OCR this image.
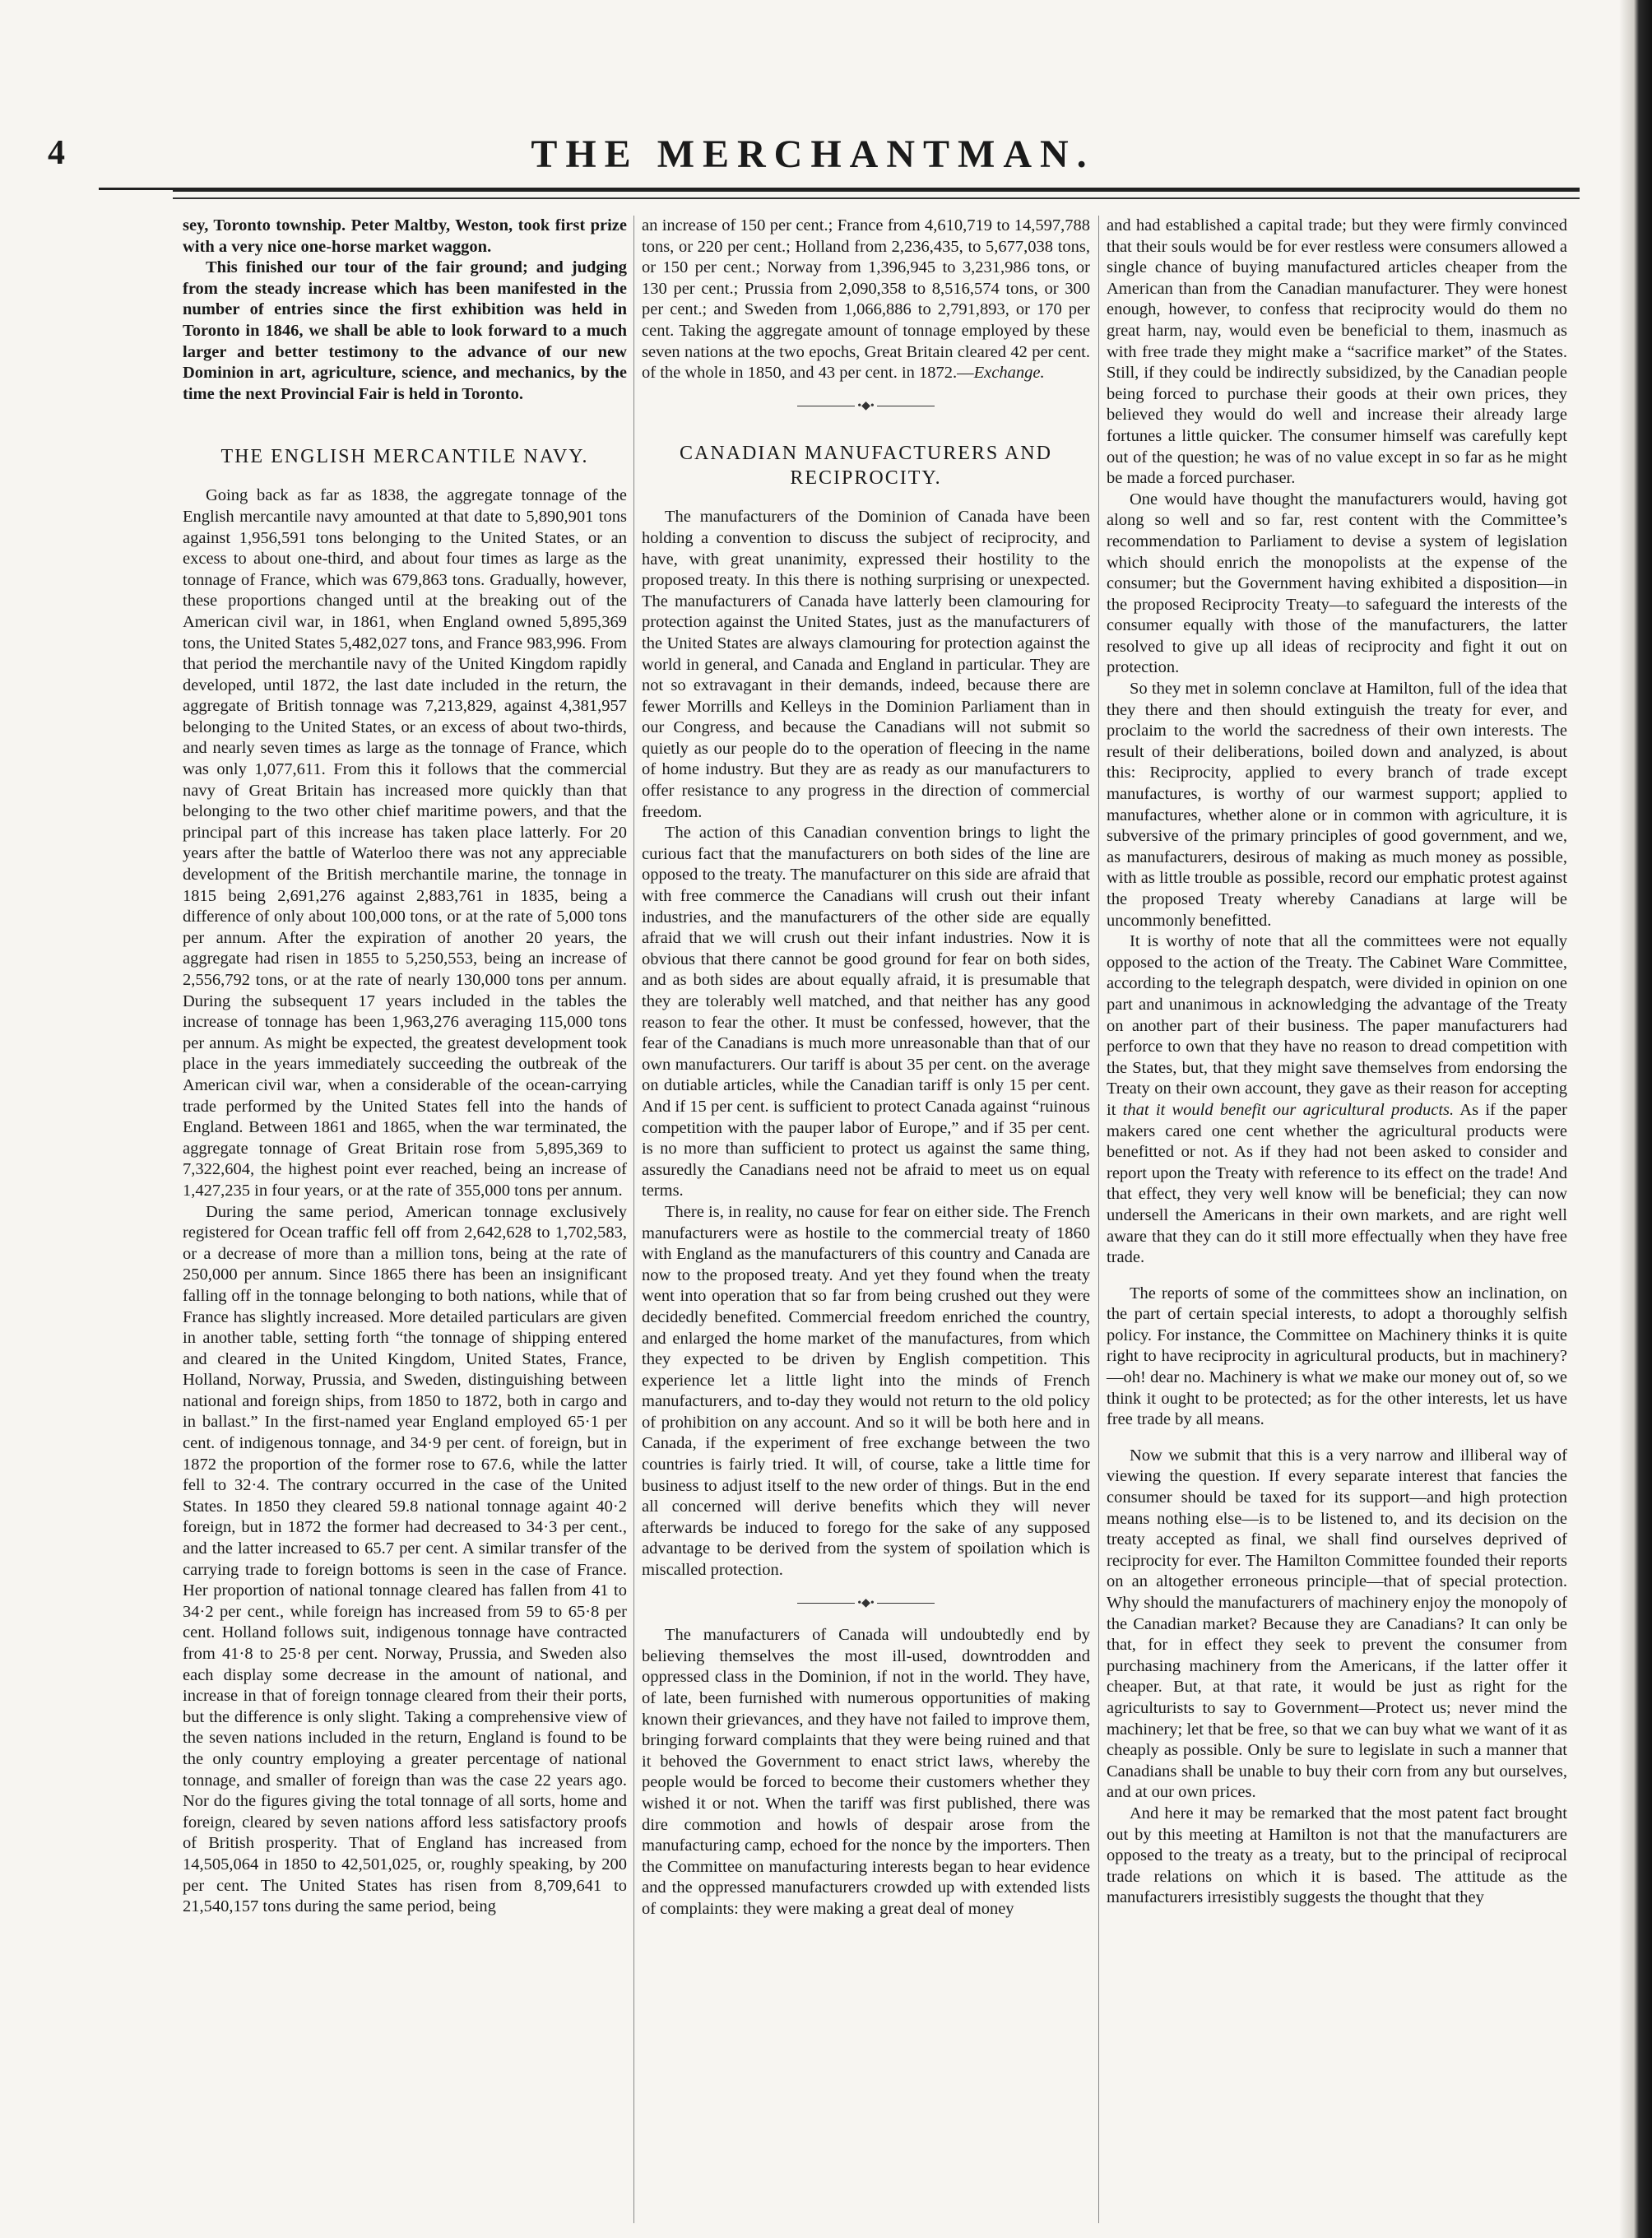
4	THE MERCHANTMAN.

sey, Toronto township. Peter Maltby, Weston, took first prize with a very nice one-horse market waggon.

This finished our tour of the fair ground; and judging from the steady increase which has been manifested in the number of entries since the first exhibition was held in Toronto in 1846, we shall be able to look forward to a much larger and better testimony to the advance of our new Dominion in art, agriculture, science, and mechanics, by the time the next Provincial Fair is held in Toronto.

THE ENGLISH MERCANTILE NAVY.

Going back as far as 1838, the aggregate tonnage of the English mercantile navy amounted at that date to 5,890,901 tons against 1,956,591 tons belonging to the United States, or an excess to about one-third, and about four times as large as the tonnage of France, which was 679,863 tons. Gradually, however, these proportions changed until at the breaking out of the American civil war, in 1861, when England owned 5,895,369 tons, the United States 5,482,027 tons, and France 983,996. From that period the merchantile navy of the United Kingdom rapidly developed, until 1872, the last date included in the return, the aggregate of British tonnage was 7,213,829, against 4,381,957 belonging to the United States, or an excess of about two-thirds, and nearly seven times as large as the tonnage of France, which was only 1,077,611. From this it follows that the commercial navy of Great Britain has increased more quickly than that belonging to the two other chief maritime powers, and that the principal part of this increase has taken place latterly. For 20 years after the battle of Waterloo there was not any appreciable development of the British merchantile marine, the tonnage in 1815 being 2,691,276 against 2,883,761 in 1835, being a difference of only about 100,000 tons, or at the rate of 5,000 tons per annum. After the expiration of another 20 years, the aggregate had risen in 1855 to 5,250,553, being an increase of 2,556,792 tons, or at the rate of nearly 130,000 tons per annum. During the subsequent 17 years included in the tables the increase of tonnage has been 1,963,276 averaging 115,000 tons per annum. As might be expected, the greatest development took place in the years immediately succeeding the outbreak of the American civil war, when a considerable of the ocean-carrying trade performed by the United States fell into the hands of England. Between 1861 and 1865, when the war terminated, the aggregate tonnage of Great Britain rose from 5,895,369 to 7,322,604, the highest point ever reached, being an increase of 1,427,235 in four years, or at the rate of 355,000 tons per annum.

During the same period, American tonnage exclusively registered for Ocean traffic fell off from 2,642,628 to 1,702,583, or a decrease of more than a million tons, being at the rate of 250,000 per annum. Since 1865 there has been an insignificant falling off in the tonnage belonging to both nations, while that of France has slightly increased. More detailed particulars are given in another table, setting forth “the tonnage of shipping entered and cleared in the United Kingdom, United States, France, Holland, Norway, Prussia, and Sweden, distinguishing between national and foreign ships, from 1850 to 1872, both in cargo and in ballast.” In the first-named year England employed 65·1 per cent. of indigenous tonnage, and 34·9 per cent. of foreign, but in 1872 the proportion of the former rose to 67.6, while the latter fell to 32·4. The contrary occurred in the case of the United States. In 1850 they cleared 59.8 national tonnage againt 40·2 foreign, but in 1872 the former had decreased to 34·3 per cent., and the latter increased to 65.7 per cent. A similar transfer of the carrying trade to foreign bottoms is seen in the case of France. Her proportion of national tonnage cleared has fallen from 41 to 34·2 per cent., while foreign has increased from 59 to 65·8 per cent. Holland follows suit, indigenous tonnage have contracted from 41·8 to 25·8 per cent. Norway, Prussia, and Sweden also each display some decrease in the amount of national, and increase in that of foreign tonnage cleared from their their ports, but the difference is only slight. Taking a comprehensive view of the seven nations included in the return, England is found to be the only country employing a greater percentage of national tonnage, and smaller of foreign than was the case 22 years ago. Nor do the figures giving the total tonnage of all sorts, home and foreign, cleared by seven nations afford less satisfactory proofs of British prosperity. That of England has increased from 14,505,064 in 1850 to 42,501,025, or, roughly speaking, by 200 per cent. The United States has risen from 8,709,641 to 21,540,157 tons during the same period, being

an increase of 150 per cent.; France from 4,610,719 to 14,597,788 tons, or 220 per cent.; Holland from 2,236,435, to 5,677,038 tons, or 150 per cent.; Norway from 1,396,945 to 3,231,986 tons, or 130 per cent.; Prussia from 2,090,358 to 8,516,574 tons, or 300 per cent.; and Sweden from 1,066,886 to 2,791,893, or 170 per cent. Taking the aggregate amount of tonnage employed by these seven nations at the two epochs, Great Britain cleared 42 per cent. of the whole in 1850, and 43 per cent. in 1872.—Exchange.

•◆•
CANADIAN MANUFACTURERS AND RECIPROCITY.

The manufacturers of the Dominion of Canada have been holding a convention to discuss the subject of reciprocity, and have, with great unanimity, expressed their hostility to the proposed treaty. In this there is nothing surprising or unexpected. The manufacturers of Canada have latterly been clamouring for protection against the United States, just as the manufacturers of the United States are always clamouring for protection against the world in general, and Canada and England in particular. They are not so extravagant in their demands, indeed, because there are fewer Morrills and Kelleys in the Dominion Parliament than in our Congress, and because the Canadians will not submit so quietly as our people do to the operation of fleecing in the name of home industry. But they are as ready as our manufacturers to offer resistance to any progress in the direction of commercial freedom.

The action of this Canadian convention brings to light the curious fact that the manufacturers on both sides of the line are opposed to the treaty. The manufacturer on this side are afraid that with free commerce the Canadians will crush out their infant industries, and the manufacturers of the other side are equally afraid that we will crush out their infant industries. Now it is obvious that there cannot be good ground for fear on both sides, and as both sides are about equally afraid, it is presumable that they are tolerably well matched, and that neither has any good reason to fear the other. It must be confessed, however, that the fear of the Canadians is much more unreasonable than that of our own manufacturers. Our tariff is about 35 per cent. on the average on dutiable articles, while the Canadian tariff is only 15 per cent. And if 15 per cent. is sufficient to protect Canada against “ruinous competition with the pauper labor of Europe,” and if 35 per cent. is no more than sufficient to protect us against the same thing, assuredly the Canadians need not be afraid to meet us on equal terms.

There is, in reality, no cause for fear on either side. The French manufacturers were as hostile to the commercial treaty of 1860 with England as the manufacturers of this country and Canada are now to the proposed treaty. And yet they found when the treaty went into operation that so far from being crushed out they were decidedly benefited. Commercial freedom enriched the country, and enlarged the home market of the manufactures, from which they expected to be driven by English competition. This experience let a little light into the minds of French manufacturers, and to-day they would not return to the old policy of prohibition on any account. And so it will be both here and in Canada, if the experiment of free exchange between the two countries is fairly tried. It will, of course, take a little time for business to adjust itself to the new order of things. But in the end all concerned will derive benefits which they will never afterwards be induced to forego for the sake of any supposed advantage to be derived from the system of spoilation which is miscalled protection.

•◆•

The manufacturers of Canada will undoubtedly end by believing themselves the most ill-used, downtrodden and oppressed class in the Dominion, if not in the world. They have, of late, been furnished with numerous opportunities of making known their grievances, and they have not failed to improve them, bringing forward complaints that they were being ruined and that it behoved the Government to enact strict laws, whereby the people would be forced to become their customers whether they wished it or not. When the tariff was first published, there was dire commotion and howls of despair arose from the manufacturing camp, echoed for the nonce by the importers. Then the Committee on manufacturing interests began to hear evidence and the oppressed manufacturers crowded up with extended lists of complaints: they were making a great deal of money

and had established a capital trade; but they were firmly convinced that their souls would be for ever restless were consumers allowed a single chance of buying manufactured articles cheaper from the American than from the Canadian manufacturer. They were honest enough, however, to confess that reciprocity would do them no great harm, nay, would even be beneficial to them, inasmuch as with free trade they might make a “sacrifice market” of the States. Still, if they could be indirectly subsidized, by the Canadian people being forced to purchase their goods at their own prices, they believed they would do well and increase their already large fortunes a little quicker. The consumer himself was carefully kept out of the question; he was of no value except in so far as he might be made a forced purchaser.

One would have thought the manufacturers would, having got along so well and so far, rest content with the Committee’s recommendation to Parliament to devise a system of legislation which should enrich the monopolists at the expense of the consumer; but the Government having exhibited a disposition—in the proposed Reciprocity Treaty—to safeguard the interests of the consumer equally with those of the manufacturers, the latter resolved to give up all ideas of reciprocity and fight it out on protection.

So they met in solemn conclave at Hamilton, full of the idea that they there and then should extinguish the treaty for ever, and proclaim to the world the sacredness of their own interests. The result of their deliberations, boiled down and analyzed, is about this: Reciprocity, applied to every branch of trade except manufactures, is worthy of our warmest support; applied to manufactures, whether alone or in common with agriculture, it is subversive of the primary principles of good government, and we, as manufacturers, desirous of making as much money as possible, with as little trouble as possible, record our emphatic protest against the proposed Treaty whereby Canadians at large will be uncommonly benefitted.

It is worthy of note that all the committees were not equally opposed to the action of the Treaty. The Cabinet Ware Committee, according to the telegraph despatch, were divided in opinion on one part and unanimous in acknowledging the advantage of the Treaty on another part of their business. The paper manufacturers had perforce to own that they have no reason to dread competition with the States, but, that they might save themselves from endorsing the Treaty on their own account, they gave as their reason for accepting it that it would benefit our agricultural products. As if the paper makers cared one cent whether the agricultural products were benefitted or not. As if they had not been asked to consider and report upon the Treaty with reference to its effect on the trade! And that effect, they very well know will be beneficial; they can now undersell the Americans in their own markets, and are right well aware that they can do it still more effectually when they have free trade.

The reports of some of the committees show an inclination, on the part of certain special interests, to adopt a thoroughly selfish policy. For instance, the Committee on Machinery thinks it is quite right to have reciprocity in agricultural products, but in machinery?—oh! dear no. Machinery is what we make our money out of, so we think it ought to be protected; as for the other interests, let us have free trade by all means.

Now we submit that this is a very narrow and illiberal way of viewing the question. If every separate interest that fancies the consumer should be taxed for its support—and high protection means nothing else—is to be listened to, and its decision on the treaty accepted as final, we shall find ourselves deprived of reciprocity for ever. The Hamilton Committee founded their reports on an altogether erroneous principle—that of special protection. Why should the manufacturers of machinery enjoy the monopoly of the Canadian market? Because they are Canadians? It can only be that, for in effect they seek to prevent the consumer from purchasing machinery from the Americans, if the latter offer it cheaper. But, at that rate, it would be just as right for the agriculturists to say to Government—Protect us; never mind the machinery; let that be free, so that we can buy what we want of it as cheaply as possible. Only be sure to legislate in such a manner that Canadians shall be unable to buy their corn from any but ourselves, and at our own prices.

And here it may be remarked that the most patent fact brought out by this meeting at Hamilton is not that the manufacturers are opposed to the treaty as a treaty, but to the principal of reciprocal trade relations on which it is based. The attitude as the manufacturers irresistibly suggests the thought that they
